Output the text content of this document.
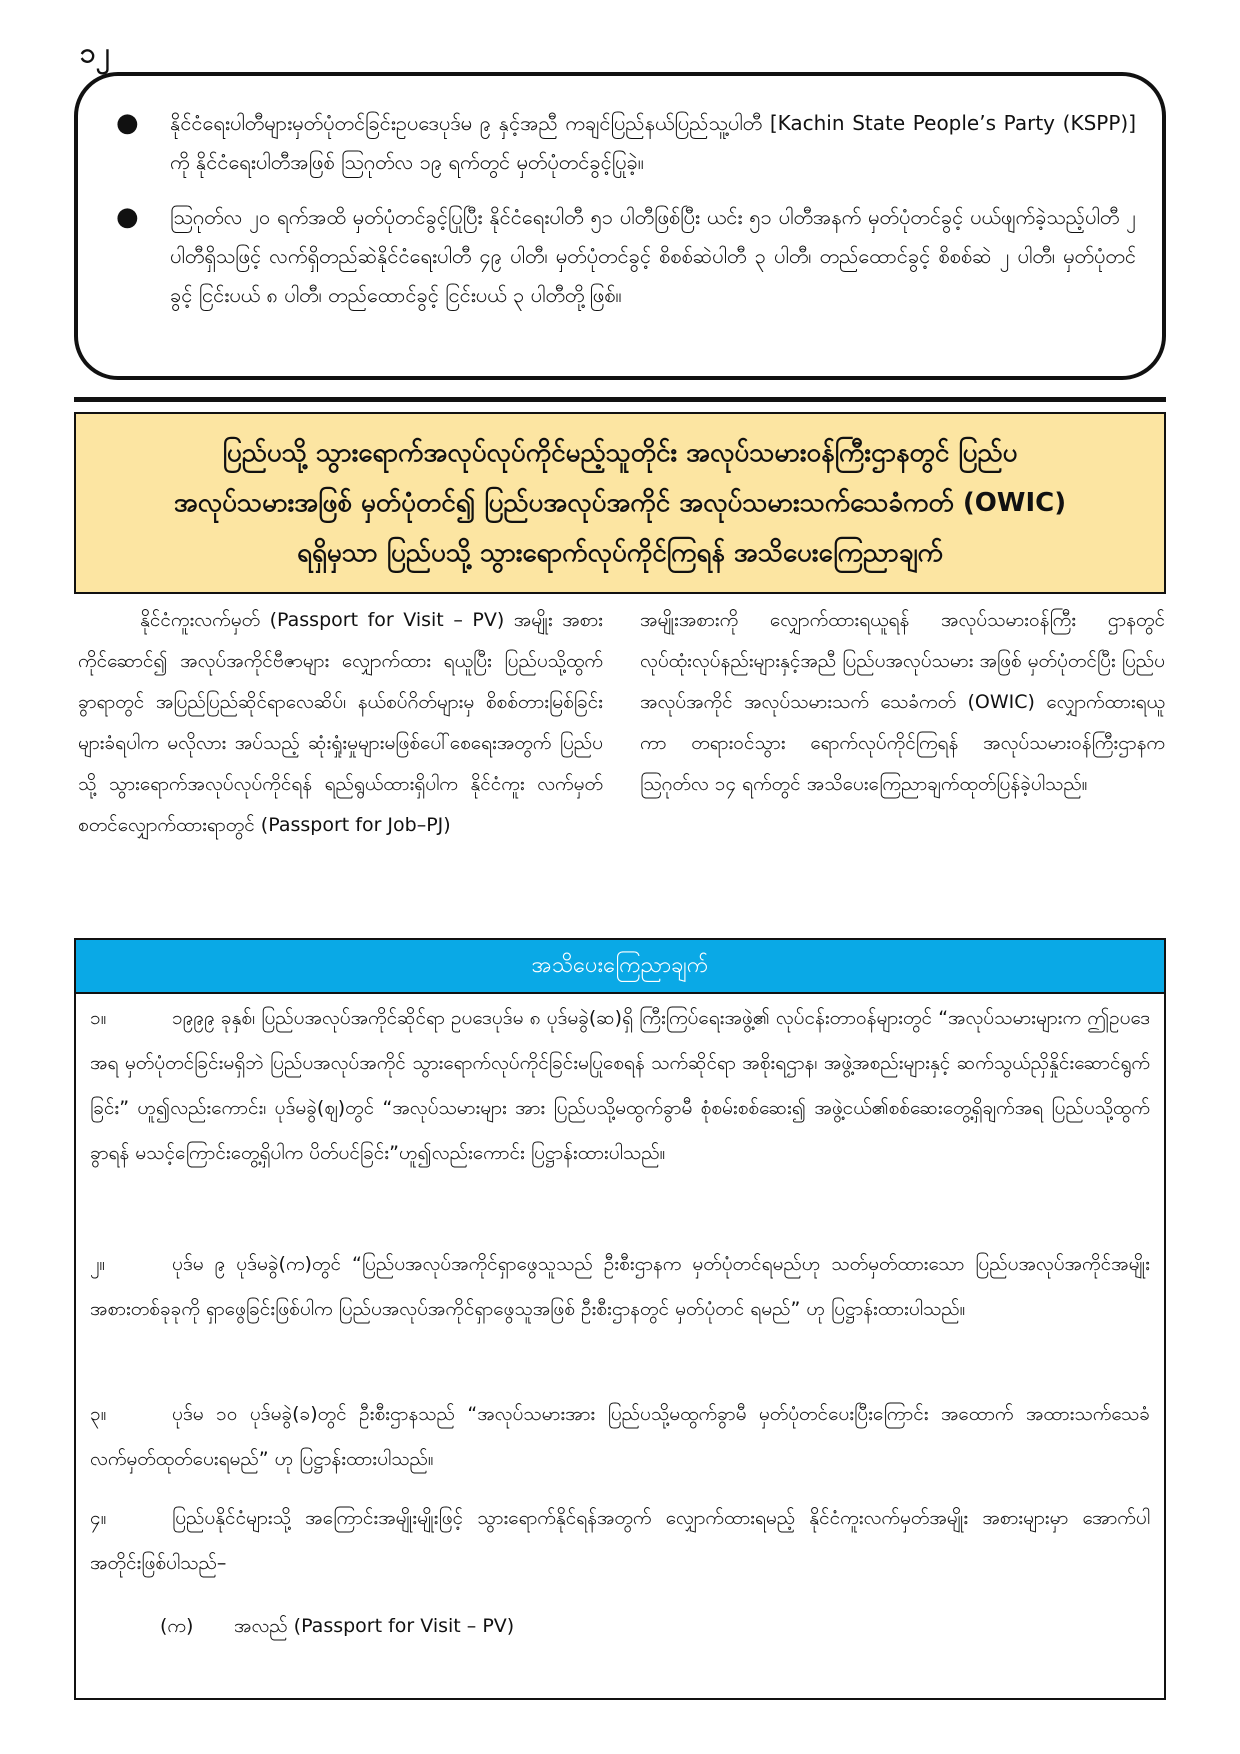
၁၂
●	နိုင်ငံရေးပါတီများမှတ်ပုံတင်ခြင်းဥပဒေပုဒ်မ ၉ နှင့်အညီ ကချင်ပြည်နယ်ပြည်သူ့ပါတီ [Kachin State People’s Party (KSPP)] ကို နိုင်ငံရေးပါတီအဖြစ် ဩဂုတ်လ ၁၉ ရက်တွင် မှတ်ပုံတင်ခွင့်ပြုခဲ့။
●	ဩဂုတ်လ ၂၀ ရက်အထိ မှတ်ပုံတင်ခွင့်ပြုပြီး နိုင်ငံရေးပါတီ ၅၁ ပါတီဖြစ်ပြီး ယင်း ၅၁ ပါတီအနက် မှတ်ပုံတင်ခွင့် ပယ်ဖျက်ခဲ့သည့်ပါတီ ၂ ပါတီရှိသဖြင့် လက်ရှိတည်ဆဲနိုင်ငံရေးပါတီ ၄၉ ပါတီ၊ မှတ်ပုံတင်ခွင့် စိစစ်ဆဲပါတီ ၃ ပါတီ၊ တည်ထောင်ခွင့် စိစစ်ဆဲ ၂ ပါတီ၊ မှတ်ပုံတင်ခွင့် ငြင်းပယ် ၈ ပါတီ၊ တည်ထောင်ခွင့် ငြင်းပယ် ၃ ပါတီတို့ဖြစ်။
ပြည်ပသို့ သွားရောက်အလုပ်လုပ်ကိုင်မည့်သူတိုင်း အလုပ်သမားဝန်ကြီးဌာနတွင် ပြည်ပ
အလုပ်သမားအဖြစ် မှတ်ပုံတင်၍ ပြည်ပအလုပ်အကိုင် အလုပ်သမားသက်သေခံကတ် (OWIC)
ရရှိမှသာ ပြည်ပသို့ သွားရောက်လုပ်ကိုင်ကြရန် အသိပေးကြေညာချက်
နိုင်ငံကူးလက်မှတ် (Passport for Visit – PV) အမျိုး အစားကိုင်ဆောင်၍ အလုပ်အကိုင်ဗီဇာများ လျှောက်ထား ရယူပြီး ပြည်ပသို့ထွက်ခွာရာတွင် အပြည်ပြည်ဆိုင်ရာလေဆိပ်၊ နယ်စပ်ဂိတ်များမှ စိစစ်တားမြစ်ခြင်းများခံရပါက မလိုလား အပ်သည့် ဆုံးရှုံးမှုများမဖြစ်ပေါ်စေရေးအတွက် ပြည်ပသို့ သွားရောက်အလုပ်လုပ်ကိုင်ရန် ရည်ရွယ်ထားရှိပါက နိုင်ငံကူး လက်မှတ် စတင်လျှောက်ထားရာတွင် (Passport for Job–PJ)
အမျိုးအစားကို လျှောက်ထားရယူရန် အလုပ်သမားဝန်ကြီး ဌာနတွင် လုပ်ထုံးလုပ်နည်းများနှင့်အညီ ပြည်ပအလုပ်သမား အဖြစ် မှတ်ပုံတင်ပြီး ပြည်ပအလုပ်အကိုင် အလုပ်သမားသက် သေခံကတ် (OWIC) လျှောက်ထားရယူကာ တရားဝင်သွား ရောက်လုပ်ကိုင်ကြရန် အလုပ်သမားဝန်ကြီးဌာနက ဩဂုတ်လ ၁၄ ရက်တွင် အသိပေးကြေညာချက်ထုတ်ပြန်ခဲ့ပါသည်။
အသိပေးကြေညာချက်
၁။	၁၉၉၉ ခုနှစ်၊ ပြည်ပအလုပ်အကိုင်ဆိုင်ရာ ဥပဒေပုဒ်မ ၈ ပုဒ်မခွဲ(ဆ)ရှိ ကြီးကြပ်ရေးအဖွဲ့၏ လုပ်ငန်းတာဝန်များတွင် “အလုပ်သမားများက ဤဥပဒေအရ မှတ်ပုံတင်ခြင်းမရှိဘဲ ပြည်ပအလုပ်အကိုင် သွားရောက်လုပ်ကိုင်ခြင်းမပြုစေရန် သက်ဆိုင်ရာ အစိုးရဌာန၊ အဖွဲ့အစည်းများနှင့် ဆက်သွယ်ညှိနှိုင်းဆောင်ရွက်ခြင်း” ဟူ၍လည်းကောင်း၊ ပုဒ်မခွဲ(ဈ)တွင် “အလုပ်သမားများ အား ပြည်ပသို့မထွက်ခွာမီ စုံစမ်းစစ်ဆေး၍ အဖွဲ့ငယ်၏စစ်ဆေးတွေ့ရှိချက်အရ ပြည်ပသို့ထွက်ခွာရန် မသင့်ကြောင်းတွေ့ရှိပါက ပိတ်ပင်ခြင်း”ဟူ၍လည်းကောင်း ပြဋ္ဌာန်းထားပါသည်။
၂။	ပုဒ်မ ၉ ပုဒ်မခွဲ(က)တွင် “ပြည်ပအလုပ်အကိုင်ရှာဖွေသူသည် ဦးစီးဌာနက မှတ်ပုံတင်ရမည်ဟု သတ်မှတ်ထားသော ပြည်ပအလုပ်အကိုင်အမျိုးအစားတစ်ခုခုကို ရှာဖွေခြင်းဖြစ်ပါက ပြည်ပအလုပ်အကိုင်ရှာဖွေသူအဖြစ် ဦးစီးဌာနတွင် မှတ်ပုံတင် ရမည်” ဟု ပြဋ္ဌာန်းထားပါသည်။
၃။	ပုဒ်မ ၁၀ ပုဒ်မခွဲ(ခ)တွင် ဦးစီးဌာနသည် “အလုပ်သမားအား ပြည်ပသို့မထွက်ခွာမီ မှတ်ပုံတင်ပေးပြီးကြောင်း အထောက် အထားသက်သေခံလက်မှတ်ထုတ်ပေးရမည်” ဟု ပြဋ္ဌာန်းထားပါသည်။
၄။	ပြည်ပနိုင်ငံများသို့ အကြောင်းအမျိုးမျိုးဖြင့် သွားရောက်နိုင်ရန်အတွက် လျှောက်ထားရမည့် နိုင်ငံကူးလက်မှတ်အမျိုး အစားများမှာ အောက်ပါအတိုင်းဖြစ်ပါသည်–
(က) အလည် (Passport for Visit – PV)
